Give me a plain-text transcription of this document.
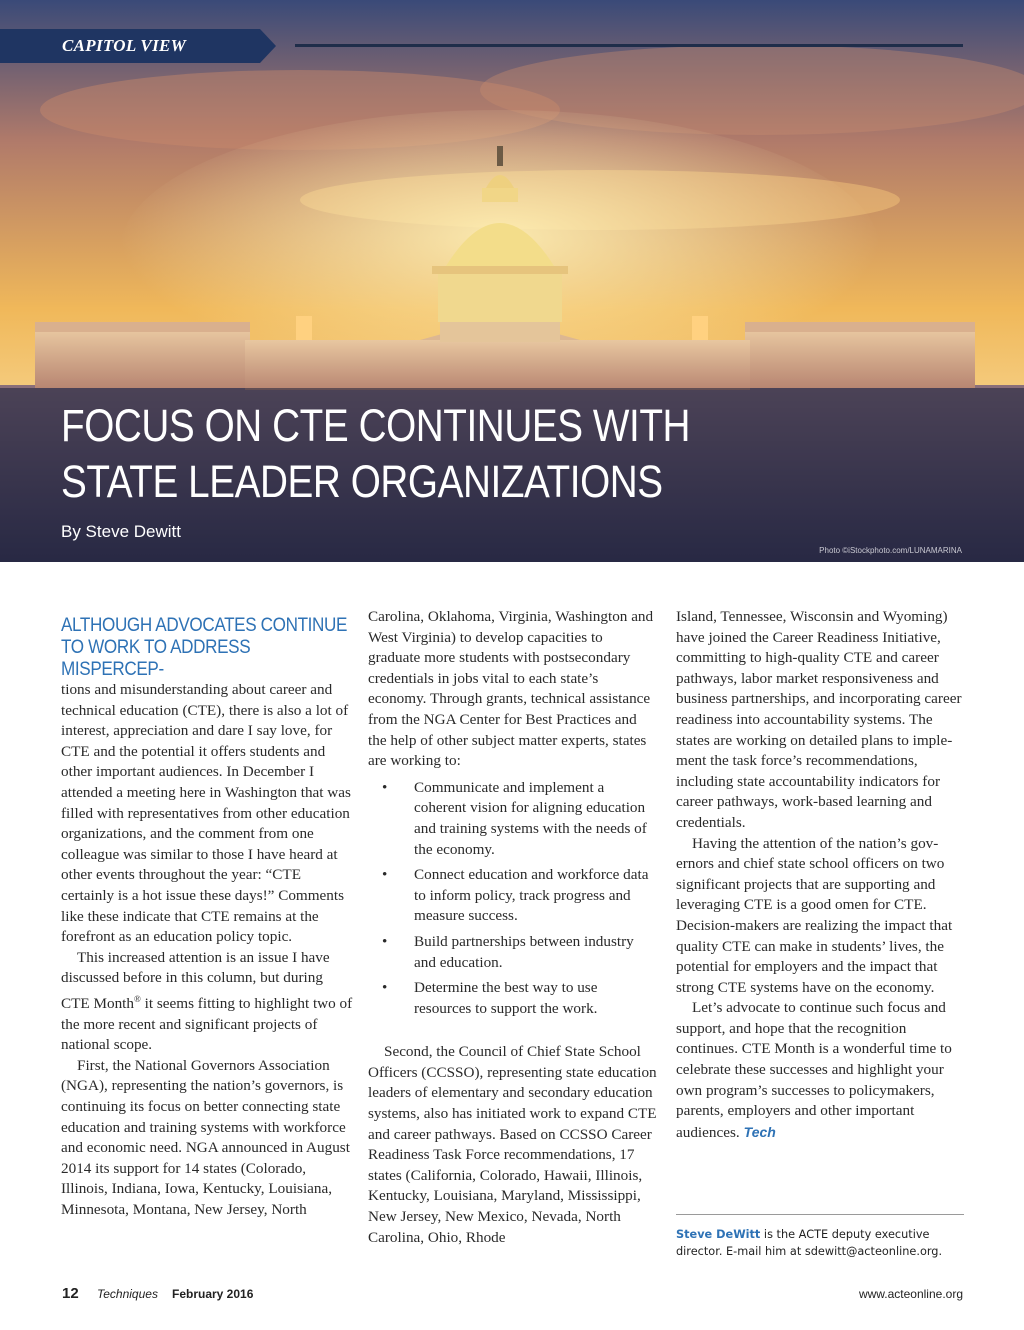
CAPITOL VIEW
FOCUS ON CTE CONTINUES WITH
STATE LEADER ORGANIZATIONS
By Steve Dewitt
Photo ©iStockphoto.com/LUNAMARINA
ALTHOUGH ADVOCATES CONTINUE TO WORK TO ADDRESS MISPERCEP-

tions and misunderstanding about career and technical education (CTE), there is also a lot of interest, appreciation and dare I say love, for CTE and the potential it offers students and other important audiences. In December I attended a meeting here in Washington that was filled with representatives from other education organizations, and the comment from one colleague was similar to those I have heard at other events throughout the year: “CTE certainly is a hot issue these days!” Comments like these indicate that CTE remains at the forefront as an education policy topic.

This increased attention is an issue I have discussed before in this column, but during CTE Month® it seems fitting to highlight two of the more recent and significant projects of national scope.

First, the National Governors Association (NGA), representing the nation’s governors, is continuing its focus on better connecting state education and training systems with workforce and economic need. NGA announced in August 2014 its support for 14 states (Colorado, Illinois, Indiana, Iowa, Kentucky, Louisiana, Minnesota, Montana, New Jersey, North

Carolina, Oklahoma, Virginia, Washington and West Virginia) to develop capacities to graduate more students with postsecondary credentials in jobs vital to each state’s economy. Through grants, technical assistance from the NGA Center for Best Practices and the help of other subject matter experts, states are working to:

• Communicate and implement a coherent vision for aligning education and training systems with the needs of the economy.
• Connect education and workforce data to inform policy, track progress and measure success.
• Build partnerships between industry and education.
• Determine the best way to use resources to support the work.

Second, the Council of Chief State School Officers (CCSSO), representing state education leaders of elementary and secondary education systems, also has initiated work to expand CTE and career pathways. Based on CCSSO Career Readiness Task Force recommendations, 17 states (California, Colorado, Hawaii, Illinois, Kentucky, Louisiana, Maryland, Mississippi, New Jersey, New Mexico, Nevada, North Carolina, Ohio, Rhode

Island, Tennessee, Wisconsin and Wyoming) have joined the Career Readiness Initiative, committing to high-quality CTE and career pathways, labor market responsiveness and business partnerships, and incorporating career readiness into accountability systems. The states are working on detailed plans to implement the task force’s recommendations, including state accountability indicators for career pathways, work-based learning and credentials.

Having the attention of the nation’s governors and chief state school officers on two significant projects that are supporting and leveraging CTE is a good omen for CTE. Decision-makers are realizing the impact that quality CTE can make in students’ lives, the potential for employers and the impact that strong CTE systems have on the economy.

Let’s advocate to continue such focus and support, and hope that the recognition continues. CTE Month is a wonderful time to celebrate these successes and highlight your own program’s successes to policymakers, parents, employers and other important audiences. Tech

Steve DeWitt is the ACTE deputy executive director. E-mail him at sdewitt@acteonline.org.
12 Techniques February 2016	www.acteonline.org
